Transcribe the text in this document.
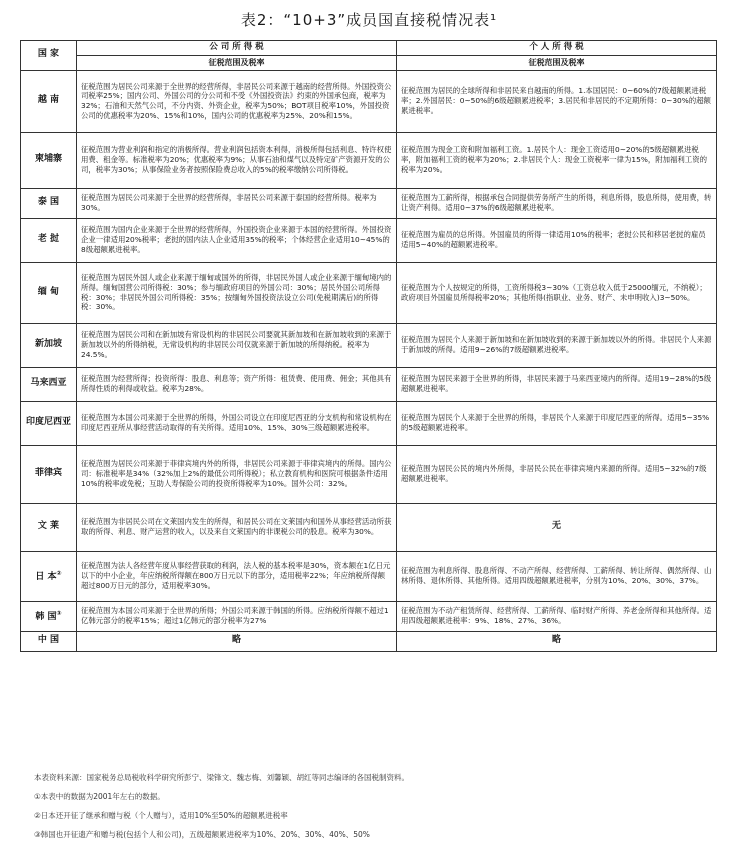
表2：“10+3”成员国直接税情况表¹
国 家	公 司 所 得 税	个 人 所 得 税
	征税范围及税率	征税范围及税率
越 南	征税范围为居民公司来源于全世界的经营所得，非居民公司来源于越南的经营所得。外国投资公司税率25%；国内公司、外国公司的分公司和不受《外国投资法》约束的外国承包商，税率为32%；石油和天然气公司，不分内资、外资企业，税率为50%；BOT项目税率10%，外国投资公司的优惠税率为20%、15%和10%，国内公司的优惠税率为25%、20%和15%。	征税范围为居民的全球所得和非居民来自越南的所得。1.本国居民：0~60%的7级超额累进税率；2.外国居民：0~50%的6级超额累进税率；3.居民和非居民的不定期所得：0~30%的超额累进税率。
柬埔寨	征税范围为营业利润和指定的消极所得。营业利润包括资本利得，消极所得包括利息、特许权使用费、租金等。标准税率为20%；优惠税率为9%；从事石油和煤气以及特定矿产资源开发的公司，税率为30%；从事保险业务者按照保险费总收入的5%的税率缴纳公司所得税。	征税范围为现金工资和附加福利工资。1.居民个人：现金工资适用0~20%的5级超额累进税率，附加福利工资的税率为20%；2.非居民个人：现金工资税率一律为15%，附加福利工资的税率为20%。
泰 国	征税范围为居民公司来源于全世界的经营所得，非居民公司来源于泰国的经营所得。税率为30%。	征税范围为工薪所得，根据承包合同提供劳务所产生的所得，利息所得，股息所得，使用费，转让资产利得。适用0~37%的6级超额累进税率。
老 挝	征税范围为国内企业来源于全世界的经营所得，外国投资企业来源于本国的经营所得。外国投资企业一律适用20%税率；老挝的国内法人企业适用35%的税率；个体经营企业适用10~45%的8级超额累进税率。	征税范围为雇员的总所得。外国雇员的所得一律适用10%的税率；老挝公民和移居老挝的雇员适用5~40%的超额累进税率。
缅 甸	征税范围为居民外国人或企业来源于缅甸或国外的所得，非居民外国人或企业来源于缅甸境内的所得。缅甸国营公司所得税：30%；参与缅政府项目的外国公司：30%；居民外国公司所得税：30%；非居民外国公司所得税：35%；按缅甸外国投资法设立公司(免税期满后)的所得税：30%。	征税范围为个人按规定的所得，工资所得税3~30%（工资总收入低于25000缅元，不纳税）；政府项目外国雇员所得税率20%；其他所得(指职业、业务、财产、未申明收入)3~50%。
新加坡	征税范围为居民公司和在新加坡有常设机构的非居民公司要就其新加坡和在新加坡收到的来源于新加坡以外的所得纳税，无常设机构的非居民公司仅就来源于新加坡的所得纳税。税率为24.5%。	征税范围为居民个人来源于新加坡和在新加坡收到的来源于新加坡以外的所得。非居民个人来源于新加坡的所得。适用9~26%的7级超额累进税率。
马来西亚	征税范围为经营所得；投资所得：股息、利息等；资产所得：租赁费、使用费、佣金；其他具有所得性质的利得或收益。税率为28%。	征税范围为居民来源于全世界的所得，非居民来源于马来西亚境内的所得。适用19~28%的5级超额累进税率。
印度尼西亚	征税范围为本国公司来源于全世界的所得，外国公司设立在印度尼西亚的分支机构和常设机构在印度尼西亚所从事经营活动取得的有关所得。适用10%、15%、30%三级超额累进税率。	征税范围为居民个人来源于全世界的所得，非居民个人来源于印度尼西亚的所得。适用5~35%的5级超额累进税率。
菲律宾	征税范围为居民公司来源于菲律宾境内外的所得，非居民公司来源于菲律宾境内的所得。国内公司：标准税率是34%（32%加上2%的最低公司所得税）；私立教育机构和医院可根据条件适用10%的税率或免税；互助人寿保险公司的投资所得税率为10%。国外公司：32%。	征税范围为居民公民的境内外所得，非居民公民在菲律宾境内来源的所得。适用5~32%的7级超额累进税率。
文 莱	征税范围为非居民公司在文莱国内发生的所得，和居民公司在文莱国内和国外从事经营活动所获取的所得、利息、财产运营的收入，以及来自文莱国内的非课税公司的股息。税率为30%。	无
日 本②	征税范围为法人各经营年度从事经营获取的利润，法人税的基本税率是30%，资本额在1亿日元以下的中小企业，年应纳税所得额在800万日元以下的部分，适用税率22%；年应纳税所得额超过800万日元的部分，适用税率30%。	征税范围为利息所得、股息所得、不动产所得、经营所得、工薪所得、转让所得、偶然所得、山林所得、退休所得、其他所得。适用四级超额累进税率，分别为10%、20%、30%、37%。
韩 国③	征税范围为本国公司来源于全世界的所得；外国公司来源于韩国的所得。应纳税所得额不超过1亿韩元部分的税率15%；超过1亿韩元的部分税率为27%	征税范围为不动产租赁所得、经营所得、工薪所得、临时财产所得、养老金所得和其他所得。适用四级超额累进税率：9%、18%、27%、36%。
中 国	略	略
本表资料来源：国家税务总局税收科学研究所彭宁、梁锋文、魏志梅、刘馨颖、胡红等同志编译的各国税制资料。
①本表中的数据为2001年左右的数据。
②日本还开征了继承和赠与税（个人赠与），适用10%至50%的超额累进税率
③韩国也开征遗产和赠与税(包括个人和公司)，五级超额累进税率为10%、20%、30%、40%、50%
